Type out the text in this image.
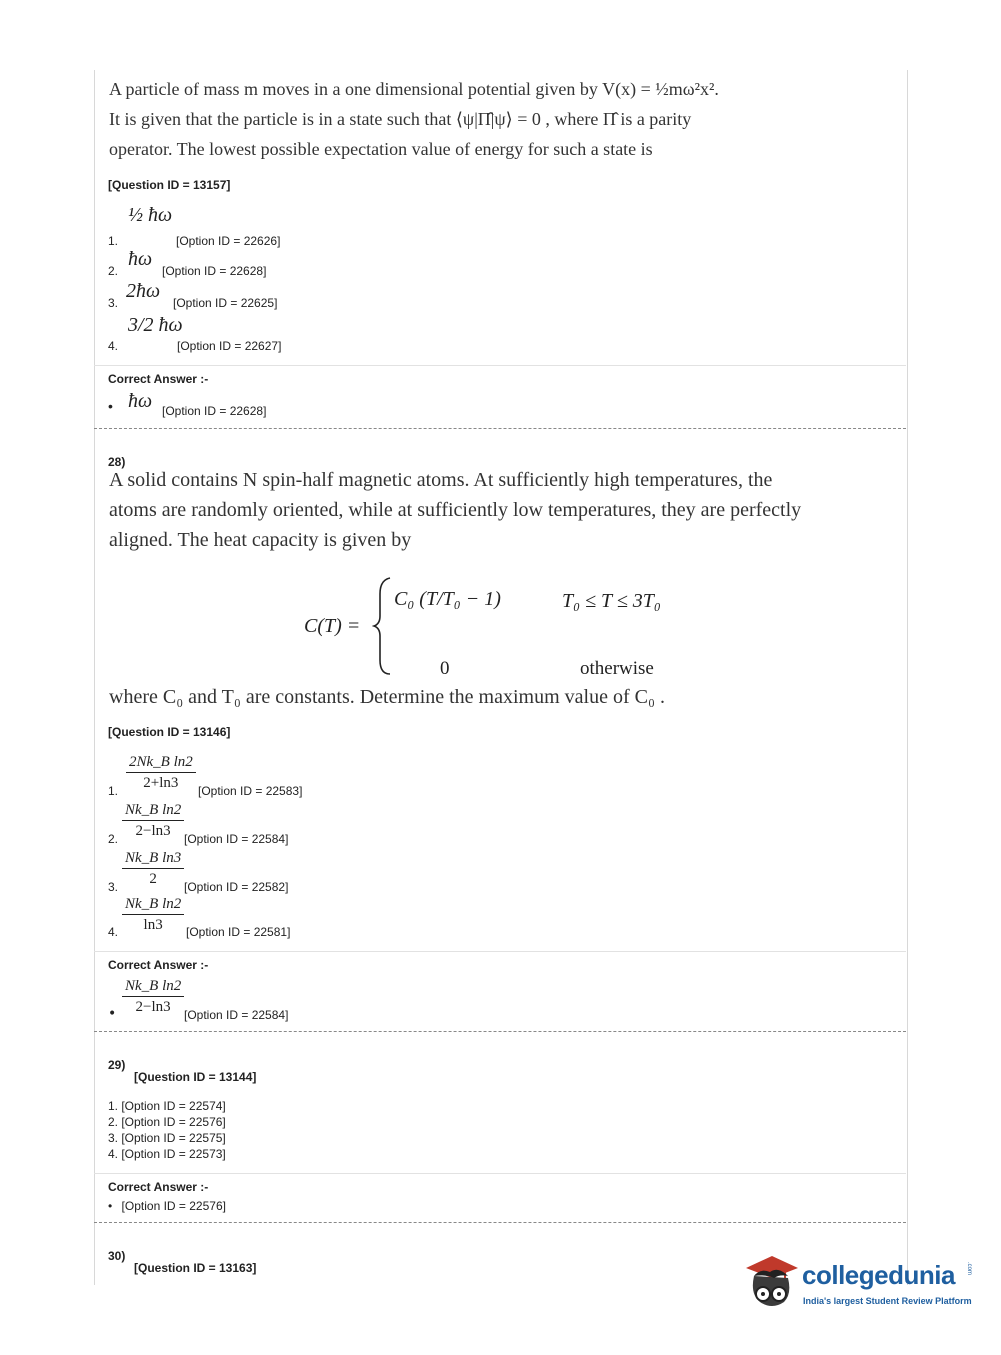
A particle of mass m moves in a one dimensional potential given by V(x) = ½mω²x².
It is given that the particle is in a state such that ⟨ψ|Π̂|ψ⟩ = 0 , where Π̂ is a parity
operator. The lowest possible expectation value of energy for such a state is
[Question ID = 13157]
1.
½ ħω
[Option ID = 22626]
2.
ħω
[Option ID = 22628]
3.
2ħω
[Option ID = 22625]
4.
3/2 ħω
[Option ID = 22627]
Correct Answer :-
• ħω [Option ID = 22628]
28)
A solid contains N spin-half magnetic atoms. At sufficiently high temperatures, the
atoms are randomly oriented, while at sufficiently low temperatures, they are perfectly
aligned. The heat capacity is given by
C(T) =
C₀ (T/T₀ − 1)	T₀ ≤ T ≤ 3T₀
0	otherwise
where C₀ and T₀ are constants. Determine the maximum value of C₀ .
[Question ID = 13146]
1. $\frac{\text{2Nk\_B ln2}}{2+\ln 3}$ [Option ID = 22583]
2. $\frac{\text{Nk\_B ln2}}{2-\ln 3}$ [Option ID = 22584]
3. $\frac{\text{Nk\_B ln3}}{2}$ [Option ID = 22582]
4. $\frac{\text{Nk\_B ln2}}{\ln 3}$ [Option ID = 22581]
Correct Answer :-
• $\frac{\text{Nk\_B ln2}}{2-\ln 3}$ [Option ID = 22584]
29)
[Question ID = 13144]
1. [Option ID = 22574]
2. [Option ID = 22576]
3. [Option ID = 22575]
4. [Option ID = 22573]
Correct Answer :-
• [Option ID = 22576]
30)
[Question ID = 13163]	collegedunia .com
India's largest Student Review Platform
